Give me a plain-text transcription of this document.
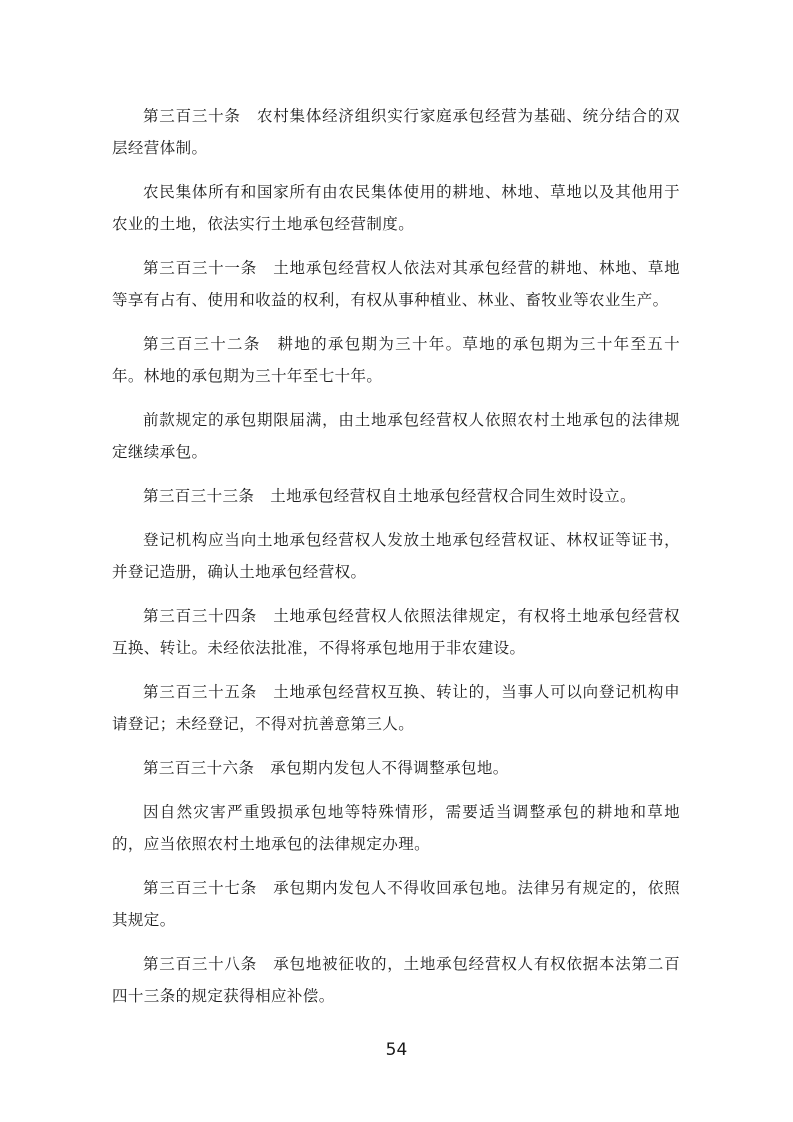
第三百三十条　农村集体经济组织实行家庭承包经营为基础、统分结合的双层经营体制。

农民集体所有和国家所有由农民集体使用的耕地、林地、草地以及其他用于农业的土地，依法实行土地承包经营制度。

第三百三十一条　土地承包经营权人依法对其承包经营的耕地、林地、草地等享有占有、使用和收益的权利，有权从事种植业、林业、畜牧业等农业生产。

第三百三十二条　耕地的承包期为三十年。草地的承包期为三十年至五十年。林地的承包期为三十年至七十年。

前款规定的承包期限届满，由土地承包经营权人依照农村土地承包的法律规定继续承包。

第三百三十三条　土地承包经营权自土地承包经营权合同生效时设立。

登记机构应当向土地承包经营权人发放土地承包经营权证、林权证等证书，并登记造册，确认土地承包经营权。

第三百三十四条　土地承包经营权人依照法律规定，有权将土地承包经营权互换、转让。未经依法批准，不得将承包地用于非农建设。

第三百三十五条　土地承包经营权互换、转让的，当事人可以向登记机构申请登记；未经登记，不得对抗善意第三人。

第三百三十六条　承包期内发包人不得调整承包地。

因自然灾害严重毁损承包地等特殊情形，需要适当调整承包的耕地和草地的，应当依照农村土地承包的法律规定办理。

第三百三十七条　承包期内发包人不得收回承包地。法律另有规定的，依照其规定。

第三百三十八条　承包地被征收的，土地承包经营权人有权依据本法第二百四十三条的规定获得相应补偿。

54
